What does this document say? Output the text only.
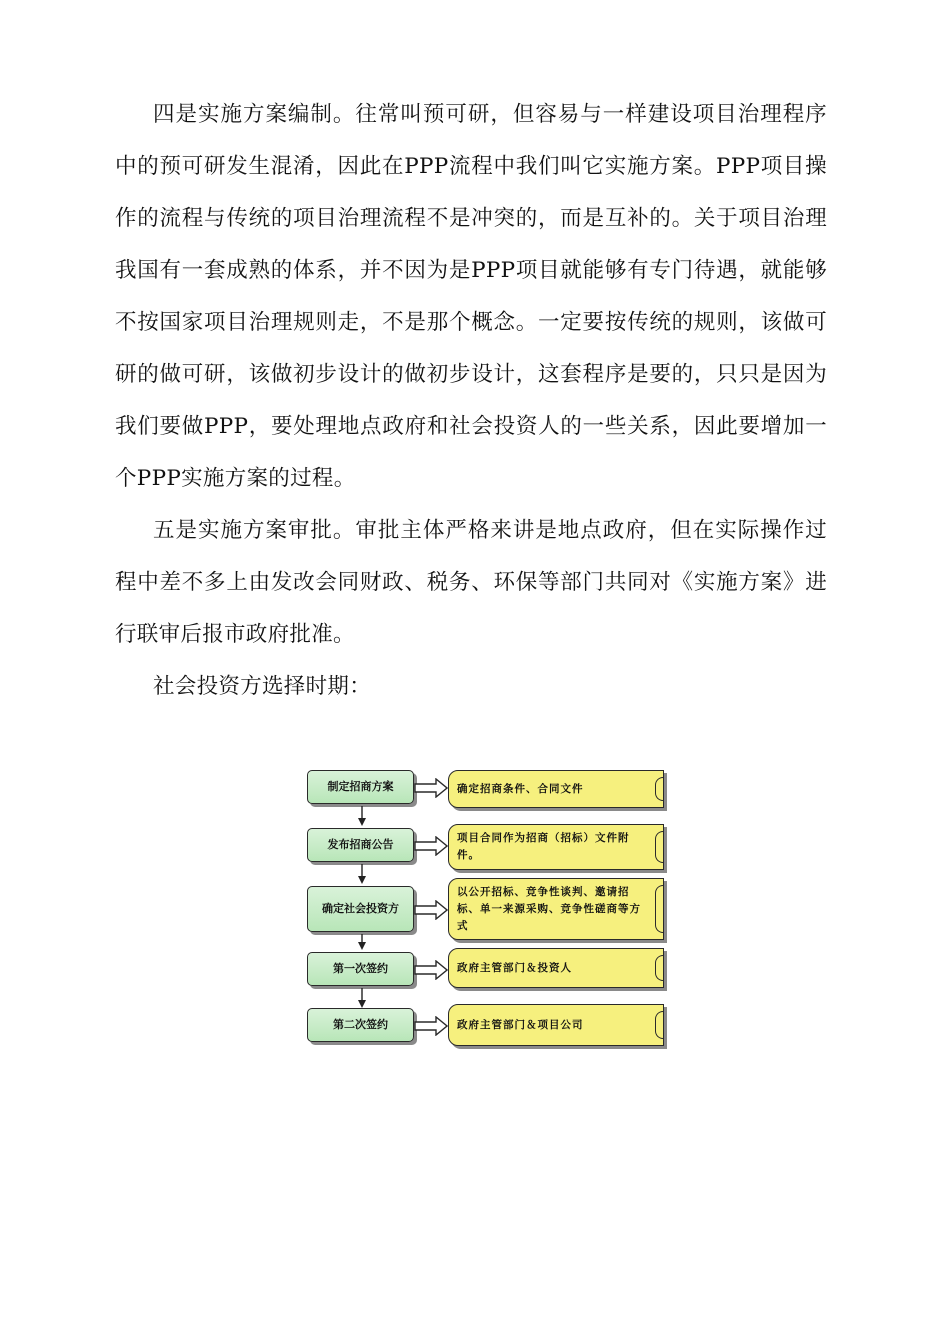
四是实施方案编制。往常叫预可研，但容易与一样建设项目治理程序中的预可研发生混淆，因此在PPP流程中我们叫它实施方案。PPP项目操作的流程与传统的项目治理流程不是冲突的，而是互补的。关于项目治理我国有一套成熟的体系，并不因为是PPP项目就能够有专门待遇，就能够不按国家项目治理规则走，不是那个概念。一定要按传统的规则，该做可研的做可研，该做初步设计的做初步设计，这套程序是要的，只只是因为我们要做PPP，要处理地点政府和社会投资人的一些关系，因此要增加一个PPP实施方案的过程。

五是实施方案审批。审批主体严格来讲是地点政府，但在实际操作过程中差不多上由发改会同财政、税务、环保等部门共同对《实施方案》进行联审后报市政府批准。

社会投资方选择时期：

制定招商方案	确定招商条件、合同文件
发布招商公告	项目合同作为招商（招标）文件附件。
确定社会投资方
以公开招标、竞争性谈判、邀请招标、单一来源采购、竞争性磋商等方式
第一次签约	政府主管部门＆投资人
第二次签约	政府主管部门＆项目公司
